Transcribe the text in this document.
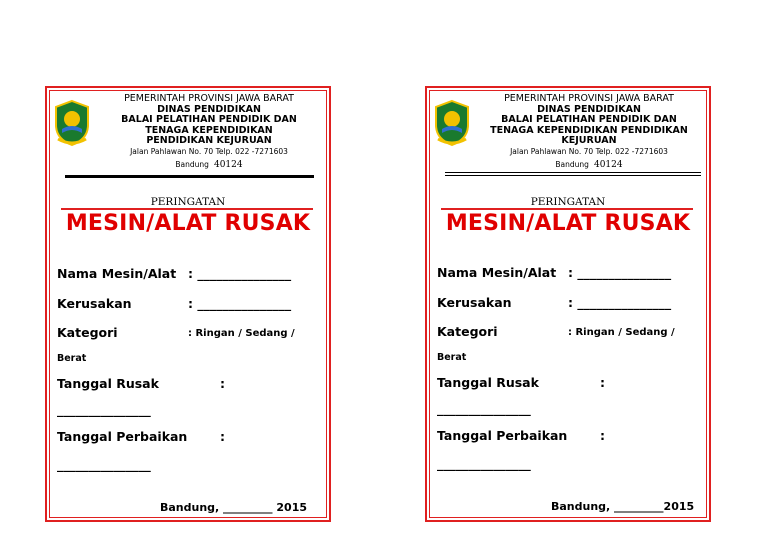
PEMERINTAH PROVINSI JAWA BARAT
DINAS PENDIDIKAN
BALAI PELATIHAN PENDIDIK DAN
TENAGA KEPENDIDIKAN
PENDIDIKAN KEJURUAN
Jalan Pahlawan No. 70 Telp. 022 -7271603
Bandung 40124
PERINGATAN
MESIN/ALAT RUSAK
Nama Mesin/Alat : _______________
Kerusakan	: _______________
Kategori	: Ringan / Sedang /
Berat
Tanggal Rusak	:
_______________
Tanggal Perbaikan	:
_______________
Bandung, _________ 2015
PEMERINTAH PROVINSI JAWA BARAT
DINAS PENDIDIKAN
BALAI PELATIHAN PENDIDIK DAN
TENAGA KEPENDIDIKAN PENDIDIKAN
KEJURUAN
Jalan Pahlawan No. 70 Telp. 022 -7271603
Bandung 40124
PERINGATAN
MESIN/ALAT RUSAK
Nama Mesin/Alat : _______________
Kerusakan	: _______________
Kategori	: Ringan / Sedang /
Berat
Tanggal Rusak	:
_______________
Tanggal Perbaikan	:
_______________
Bandung, _________2015
